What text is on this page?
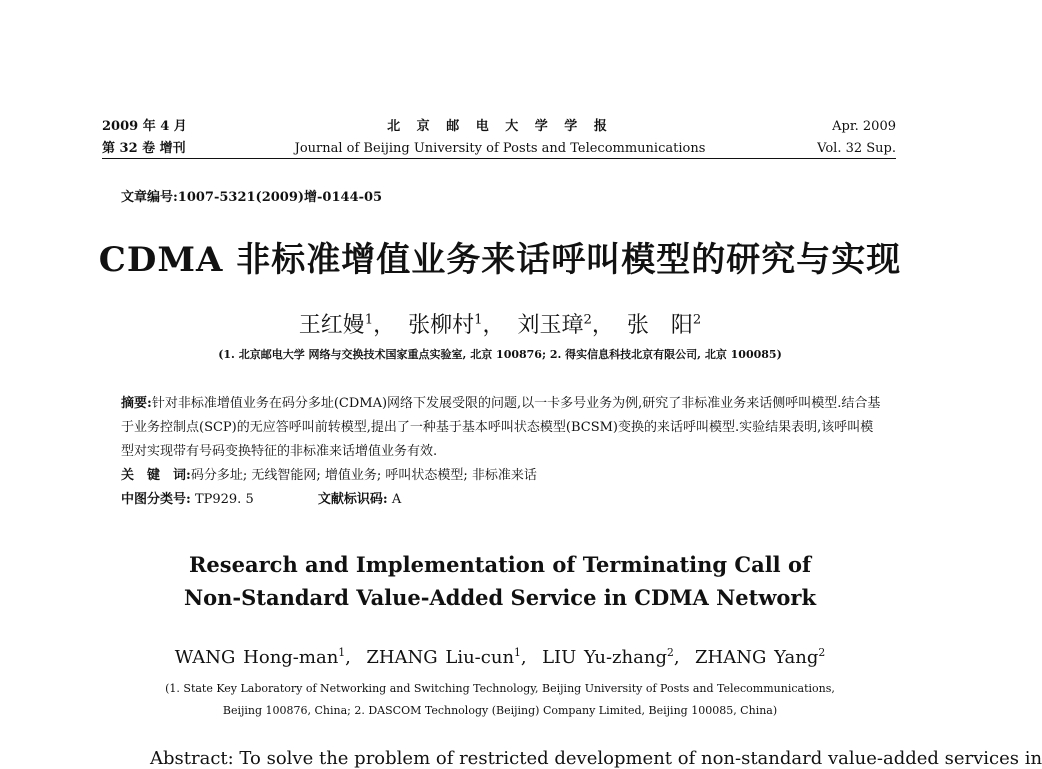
2009 年 4 月
第 32 卷 增刊
北 京 邮 电 大 学 学 报
Journal of Beijing University of Posts and Telecommunications
Apr. 2009
Vol. 32 Sup.
文章编号:1007-5321(2009)增-0144-05
CDMA 非标准增值业务来话呼叫模型的研究与实现
王红嫚$^1$， 张柳村$^1$， 刘玉璋$^2$， 张　阳$^2$
(1. 北京邮电大学 网络与交换技术国家重点实验室, 北京 100876; 2. 得实信息科技北京有限公司, 北京 100085)
摘要:针对非标准增值业务在码分多址(CDMA)网络下发展受限的问题,以一卡多号业务为例,研究了非标准业务来话侧呼叫模型.结合基于业务控制点(SCP)的无应答呼叫前转模型,提出了一种基于基本呼叫状态模型(BCSM)变换的来话呼叫模型.实验结果表明,该呼叫模型对实现带有号码变换特征的非标准来话增值业务有效.
关　键　词:码分多址; 无线智能网; 增值业务; 呼叫状态模型; 非标准来话
中图分类号: TP929. 5	文献标识码: A
Research and Implementation of Terminating Call of
Non-Standard Value-Added Service in CDMA Network
WANG Hong-man$^1$,  ZHANG Liu-cun$^1$,  LIU Yu-zhang$^2$,  ZHANG Yang$^2$
(1. State Key Laboratory of Networking and Switching Technology, Beijing University of Posts and Telecommunications,
Beijing 100876, China; 2. DASCOM Technology (Beijing) Company Limited, Beijing 100085, China)
Abstract: To solve the problem of restricted development of non-standard value-added services in
